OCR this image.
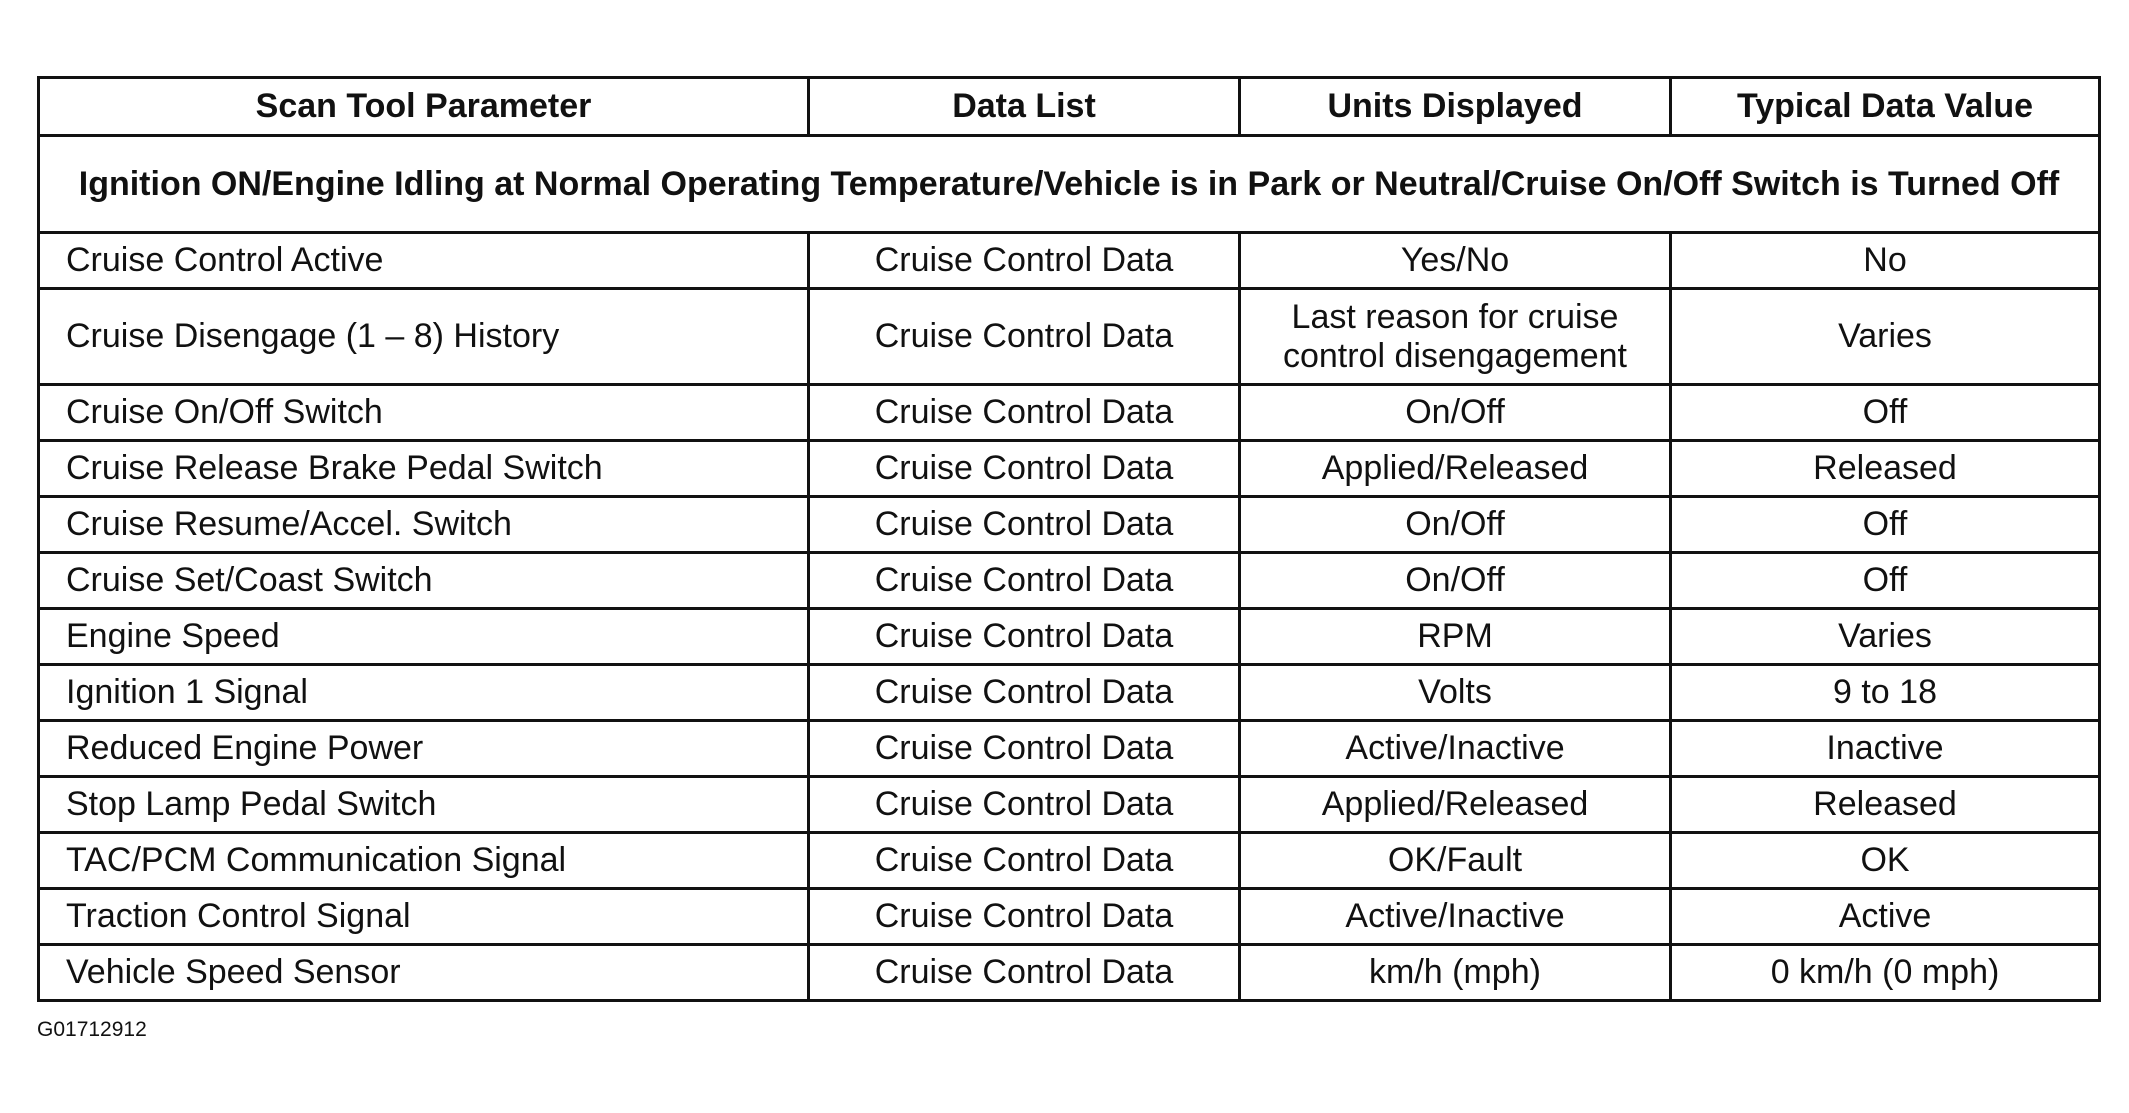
Scan Tool Parameter	Data List	Units Displayed	Typical Data Value
Ignition ON/Engine Idling at Normal Operating Temperature/Vehicle is in Park or Neutral/Cruise On/Off Switch is Turned Off			
Cruise Control Active	Cruise Control Data	Yes/No	No
Cruise Disengage (1 – 8) History	Cruise Control Data	Last reason for cruise control disengagement	Varies
Cruise On/Off Switch	Cruise Control Data	On/Off	Off
Cruise Release Brake Pedal Switch	Cruise Control Data	Applied/Released	Released
Cruise Resume/Accel. Switch	Cruise Control Data	On/Off	Off
Cruise Set/Coast Switch	Cruise Control Data	On/Off	Off
Engine Speed	Cruise Control Data	RPM	Varies
Ignition 1 Signal	Cruise Control Data	Volts	9 to 18
Reduced Engine Power	Cruise Control Data	Active/Inactive	Inactive
Stop Lamp Pedal Switch	Cruise Control Data	Applied/Released	Released
TAC/PCM Communication Signal	Cruise Control Data	OK/Fault	OK
Traction Control Signal	Cruise Control Data	Active/Inactive	Active
Vehicle Speed Sensor	Cruise Control Data	km/h (mph)	0 km/h (0 mph)
G01712912
